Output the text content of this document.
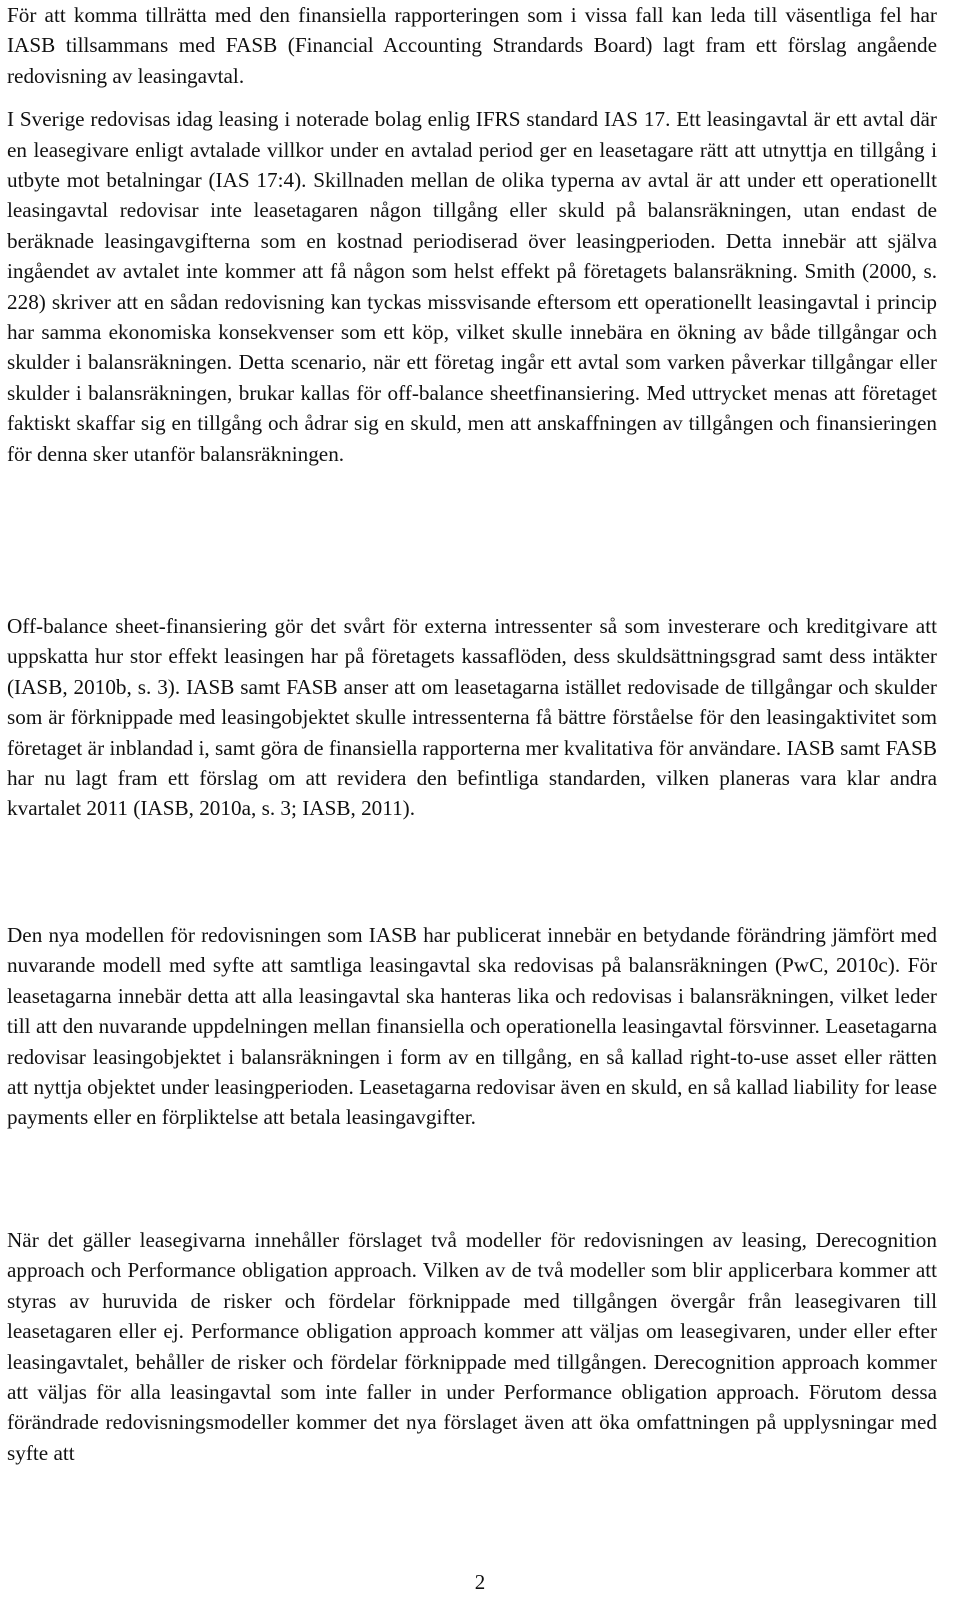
För att komma tillrätta med den finansiella rapporteringen som i vissa fall kan leda till väsentliga fel har IASB tillsammans med FASB (Financial Accounting Strandards Board) lagt fram ett förslag angående redovisning av leasingavtal.

I Sverige redovisas idag leasing i noterade bolag enlig IFRS standard IAS 17. Ett leasingavtal är ett avtal där en leasegivare enligt avtalade villkor under en avtalad period ger en leasetagare rätt att utnyttja en tillgång i utbyte mot betalningar (IAS 17:4). Skillnaden mellan de olika typerna av avtal är att under ett operationellt leasingavtal redovisar inte leasetagaren någon tillgång eller skuld på balansräkningen, utan endast de beräknade leasingavgifterna som en kostnad periodiserad över leasingperioden. Detta innebär att själva ingåendet av avtalet inte kommer att få någon som helst effekt på företagets balansräkning. Smith (2000, s. 228) skriver att en sådan redovisning kan tyckas missvisande eftersom ett operationellt leasingavtal i princip har samma ekonomiska konsekvenser som ett köp, vilket skulle innebära en ökning av både tillgångar och skulder i balansräkningen. Detta scenario, när ett företag ingår ett avtal som varken påverkar tillgångar eller skulder i balansräkningen, brukar kallas för off-balance sheetfinansiering. Med uttrycket menas att företaget faktiskt skaffar sig en tillgång och ådrar sig en skuld, men att anskaffningen av tillgången och finansieringen för denna sker utanför balansräkningen.

Off-balance sheet-finansiering gör det svårt för externa intressenter så som investerare och kreditgivare att uppskatta hur stor effekt leasingen har på företagets kassaflöden, dess skuldsättningsgrad samt dess intäkter (IASB, 2010b, s. 3). IASB samt FASB anser att om leasetagarna istället redovisade de tillgångar och skulder som är förknippade med leasingobjektet skulle intressenterna få bättre förståelse för den leasingaktivitet som företaget är inblandad i, samt göra de finansiella rapporterna mer kvalitativa för användare. IASB samt FASB har nu lagt fram ett förslag om att revidera den befintliga standarden, vilken planeras vara klar andra kvartalet 2011 (IASB, 2010a, s. 3; IASB, 2011).

Den nya modellen för redovisningen som IASB har publicerat innebär en betydande förändring jämfört med nuvarande modell med syfte att samtliga leasingavtal ska redovisas på balansräkningen (PwC, 2010c). För leasetagarna innebär detta att alla leasingavtal ska hanteras lika och redovisas i balansräkningen, vilket leder till att den nuvarande uppdelningen mellan finansiella och operationella leasingavtal försvinner. Leasetagarna redovisar leasingobjektet i balansräkningen i form av en tillgång, en så kallad right-to-use asset eller rätten att nyttja objektet under leasingperioden. Leasetagarna redovisar även en skuld, en så kallad liability for lease payments eller en förpliktelse att betala leasingavgifter.

När det gäller leasegivarna innehåller förslaget två modeller för redovisningen av leasing, Derecognition approach och Performance obligation approach. Vilken av de två modeller som blir applicerbara kommer att styras av huruvida de risker och fördelar förknippade med tillgången övergår från leasegivaren till leasetagaren eller ej. Performance obligation approach kommer att väljas om leasegivaren, under eller efter leasingavtalet, behåller de risker och fördelar förknippade med tillgången. Derecognition approach kommer att väljas för alla leasingavtal som inte faller in under Performance obligation approach. Förutom dessa förändrade redovisningsmodeller kommer det nya förslaget även att öka omfattningen på upplysningar med syfte att

2
